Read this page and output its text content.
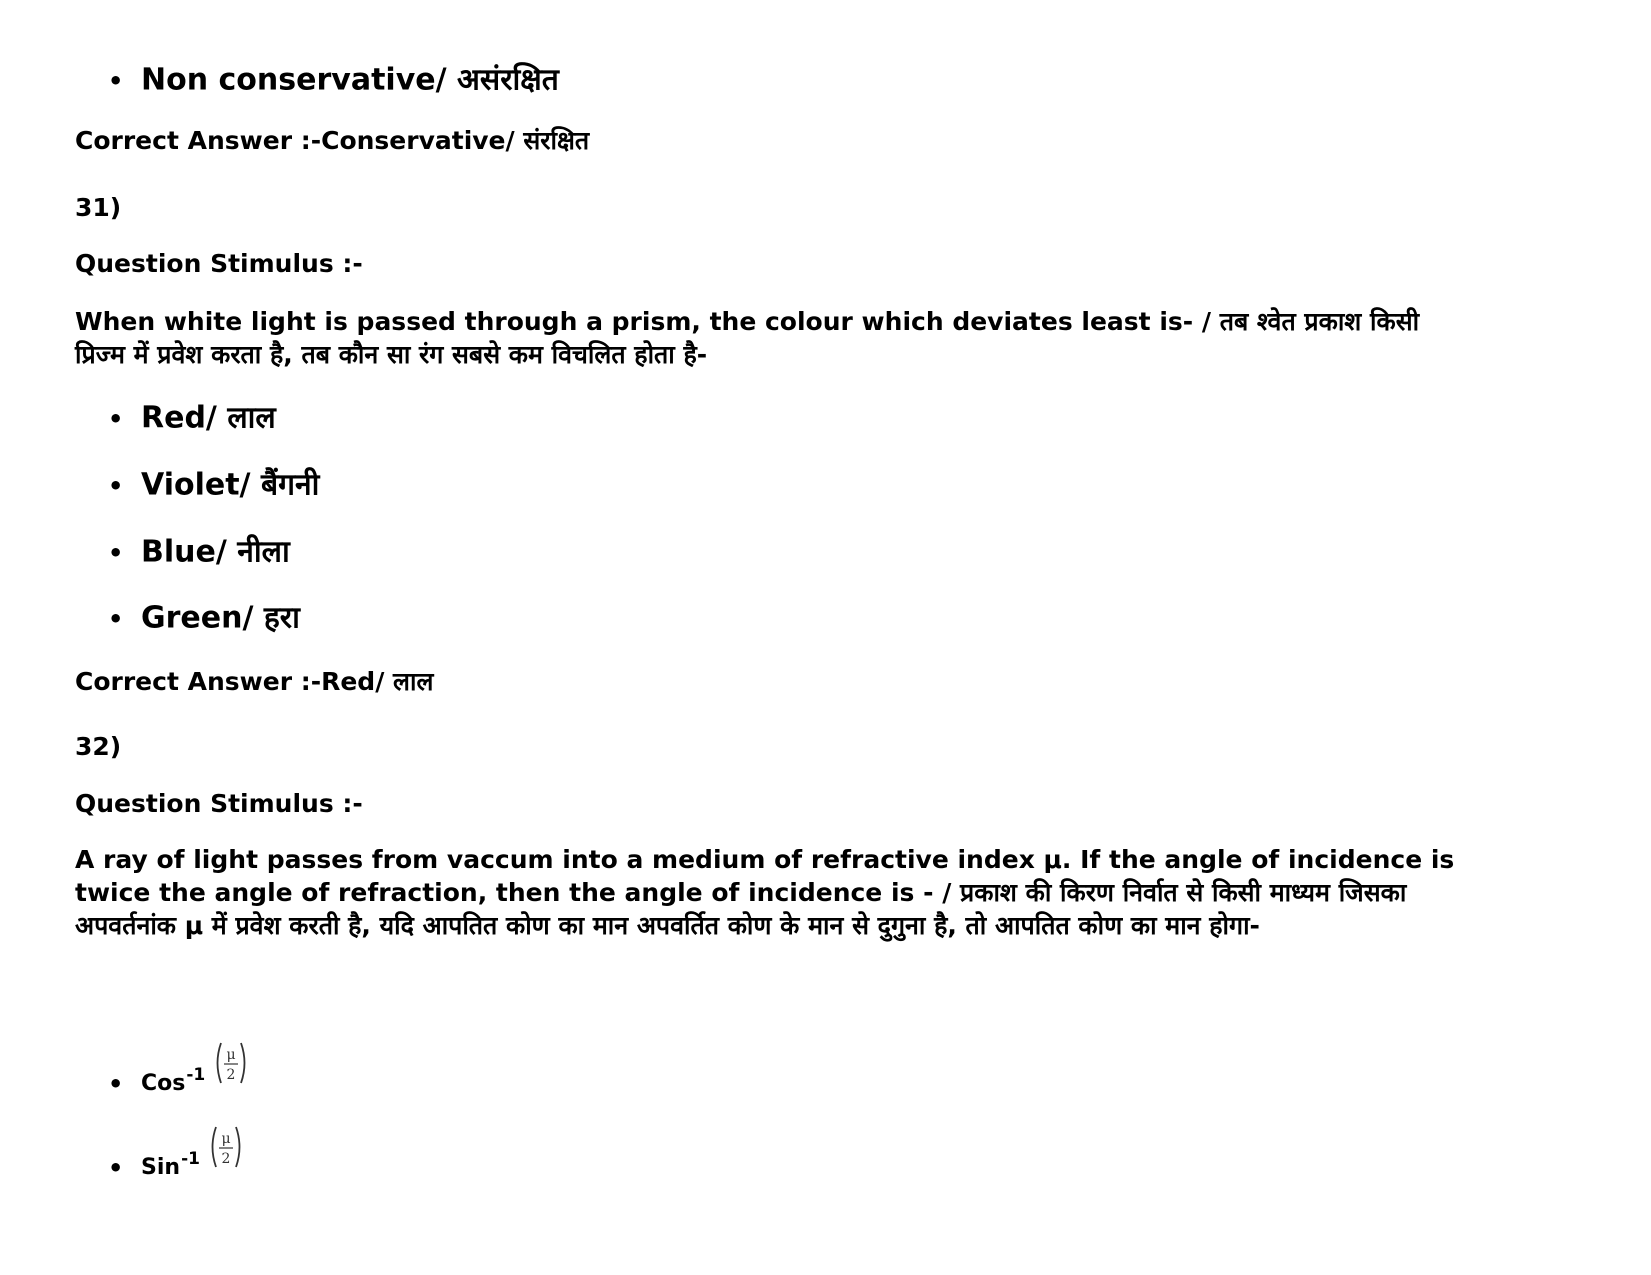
• Non conservative/ असंरक्षित

Correct Answer :-Conservative/ संरक्षित

31)

Question Stimulus :-

When white light is passed through a prism, the colour which deviates least is- / तब श्वेत प्रकाश किसी
प्रिज्म में प्रवेश करता है, तब कौन सा रंग सबसे कम विचलित होता है-

• Red/ लाल

• Violet/ बैंगनी

• Blue/ नीला

• Green/ हरा

Correct Answer :-Red/ लाल

32)

Question Stimulus :-

A ray of light passes from vaccum into a medium of refractive index μ. If the angle of incidence is
twice the angle of refraction, then the angle of incidence is - / प्रकाश की किरण निर्वात से किसी माध्यम जिसका
अपवर्तनांक μ में प्रवेश करती है, यदि आपतित कोण का मान अपवर्तित कोण के मान से दुगुना है, तो आपतित कोण का मान होगा-

• Cos$^{-1}$
μ
2

• Sin$^{-1}$
μ
2
